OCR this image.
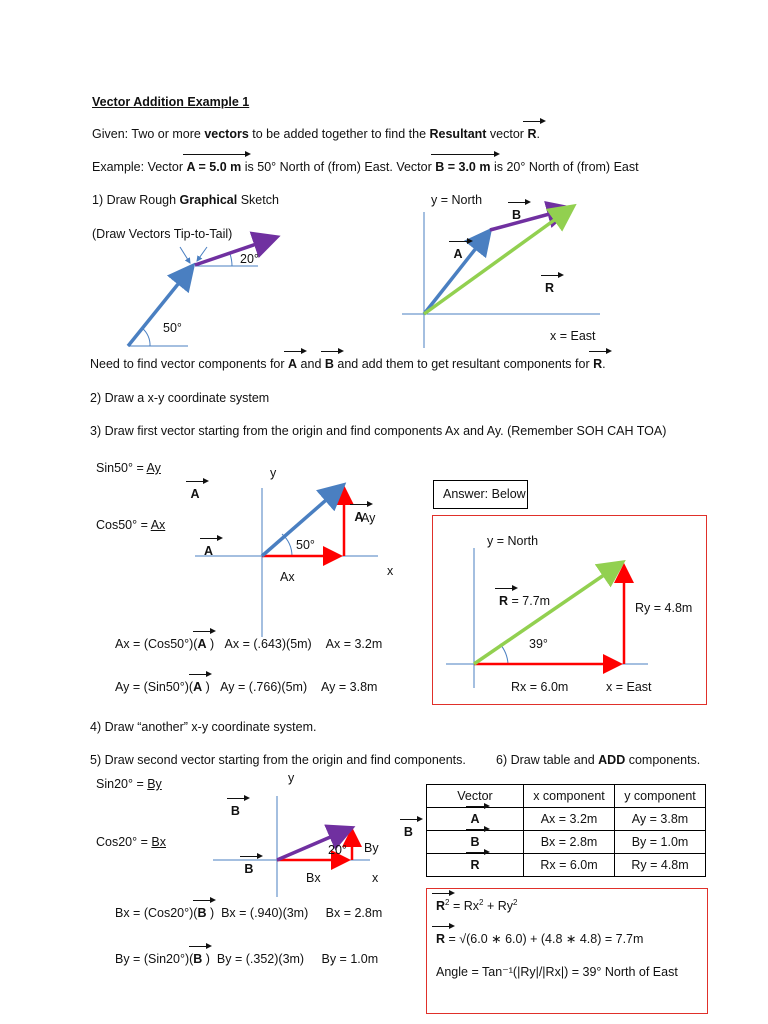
Vector Addition Example 1
Given: Two or more vectors to be added together to find the Resultant vector R.
Example: Vector A = 5.0 m is 50° North of (from) East. Vector B = 3.0 m is 20° North of (from) East
1) Draw Rough Graphical Sketch
(Draw Vectors Tip-to-Tail)
20°
50°
y = North
B A R
x = East
Need to find vector components for A and B and add them to get resultant components for R.
2) Draw a x-y coordinate system
3) Draw first vector starting from the origin and find components Ax and Ay. (Remember SOH CAH TOA)
Sin50° = Ay
A
Cos50° = Ax
A
y
A
Ay
50°
Ax	x
Ax = (Cos50°)(A ) Ax = (.643)(5m) Ax = 3.2m
Ay = (Sin50°)(A ) Ay = (.766)(5m) Ay = 3.8m
Answer: Below
y = North
R = 7.7m	Ry = 4.8m
39°
Rx = 6.0m	x = East
4) Draw “another” x-y coordinate system.
5) Draw second vector starting from the origin and find components. 6) Draw table and ADD components.
Sin20° = By
B
Cos20° = Bx
B
y
B
20° By
Bx	x
Bx = (Cos20°)(B ) Bx = (.940)(3m) Bx = 2.8m
By = (Sin20°)(B ) By = (.352)(3m) By = 1.0m
Vector	x component	y component
A	Ax = 3.2m	Ay = 3.8m
B	Bx = 2.8m	By = 1.0m
R	Rx = 6.0m	Ry = 4.8m
$R^2 = Rx^2 + Ry^2$
R = √(6.0 ∗ 6.0) + (4.8 ∗ 4.8) = 7.7m
Angle = Tan⁻¹(|Ry|/|Rx|) = 39° North of East
